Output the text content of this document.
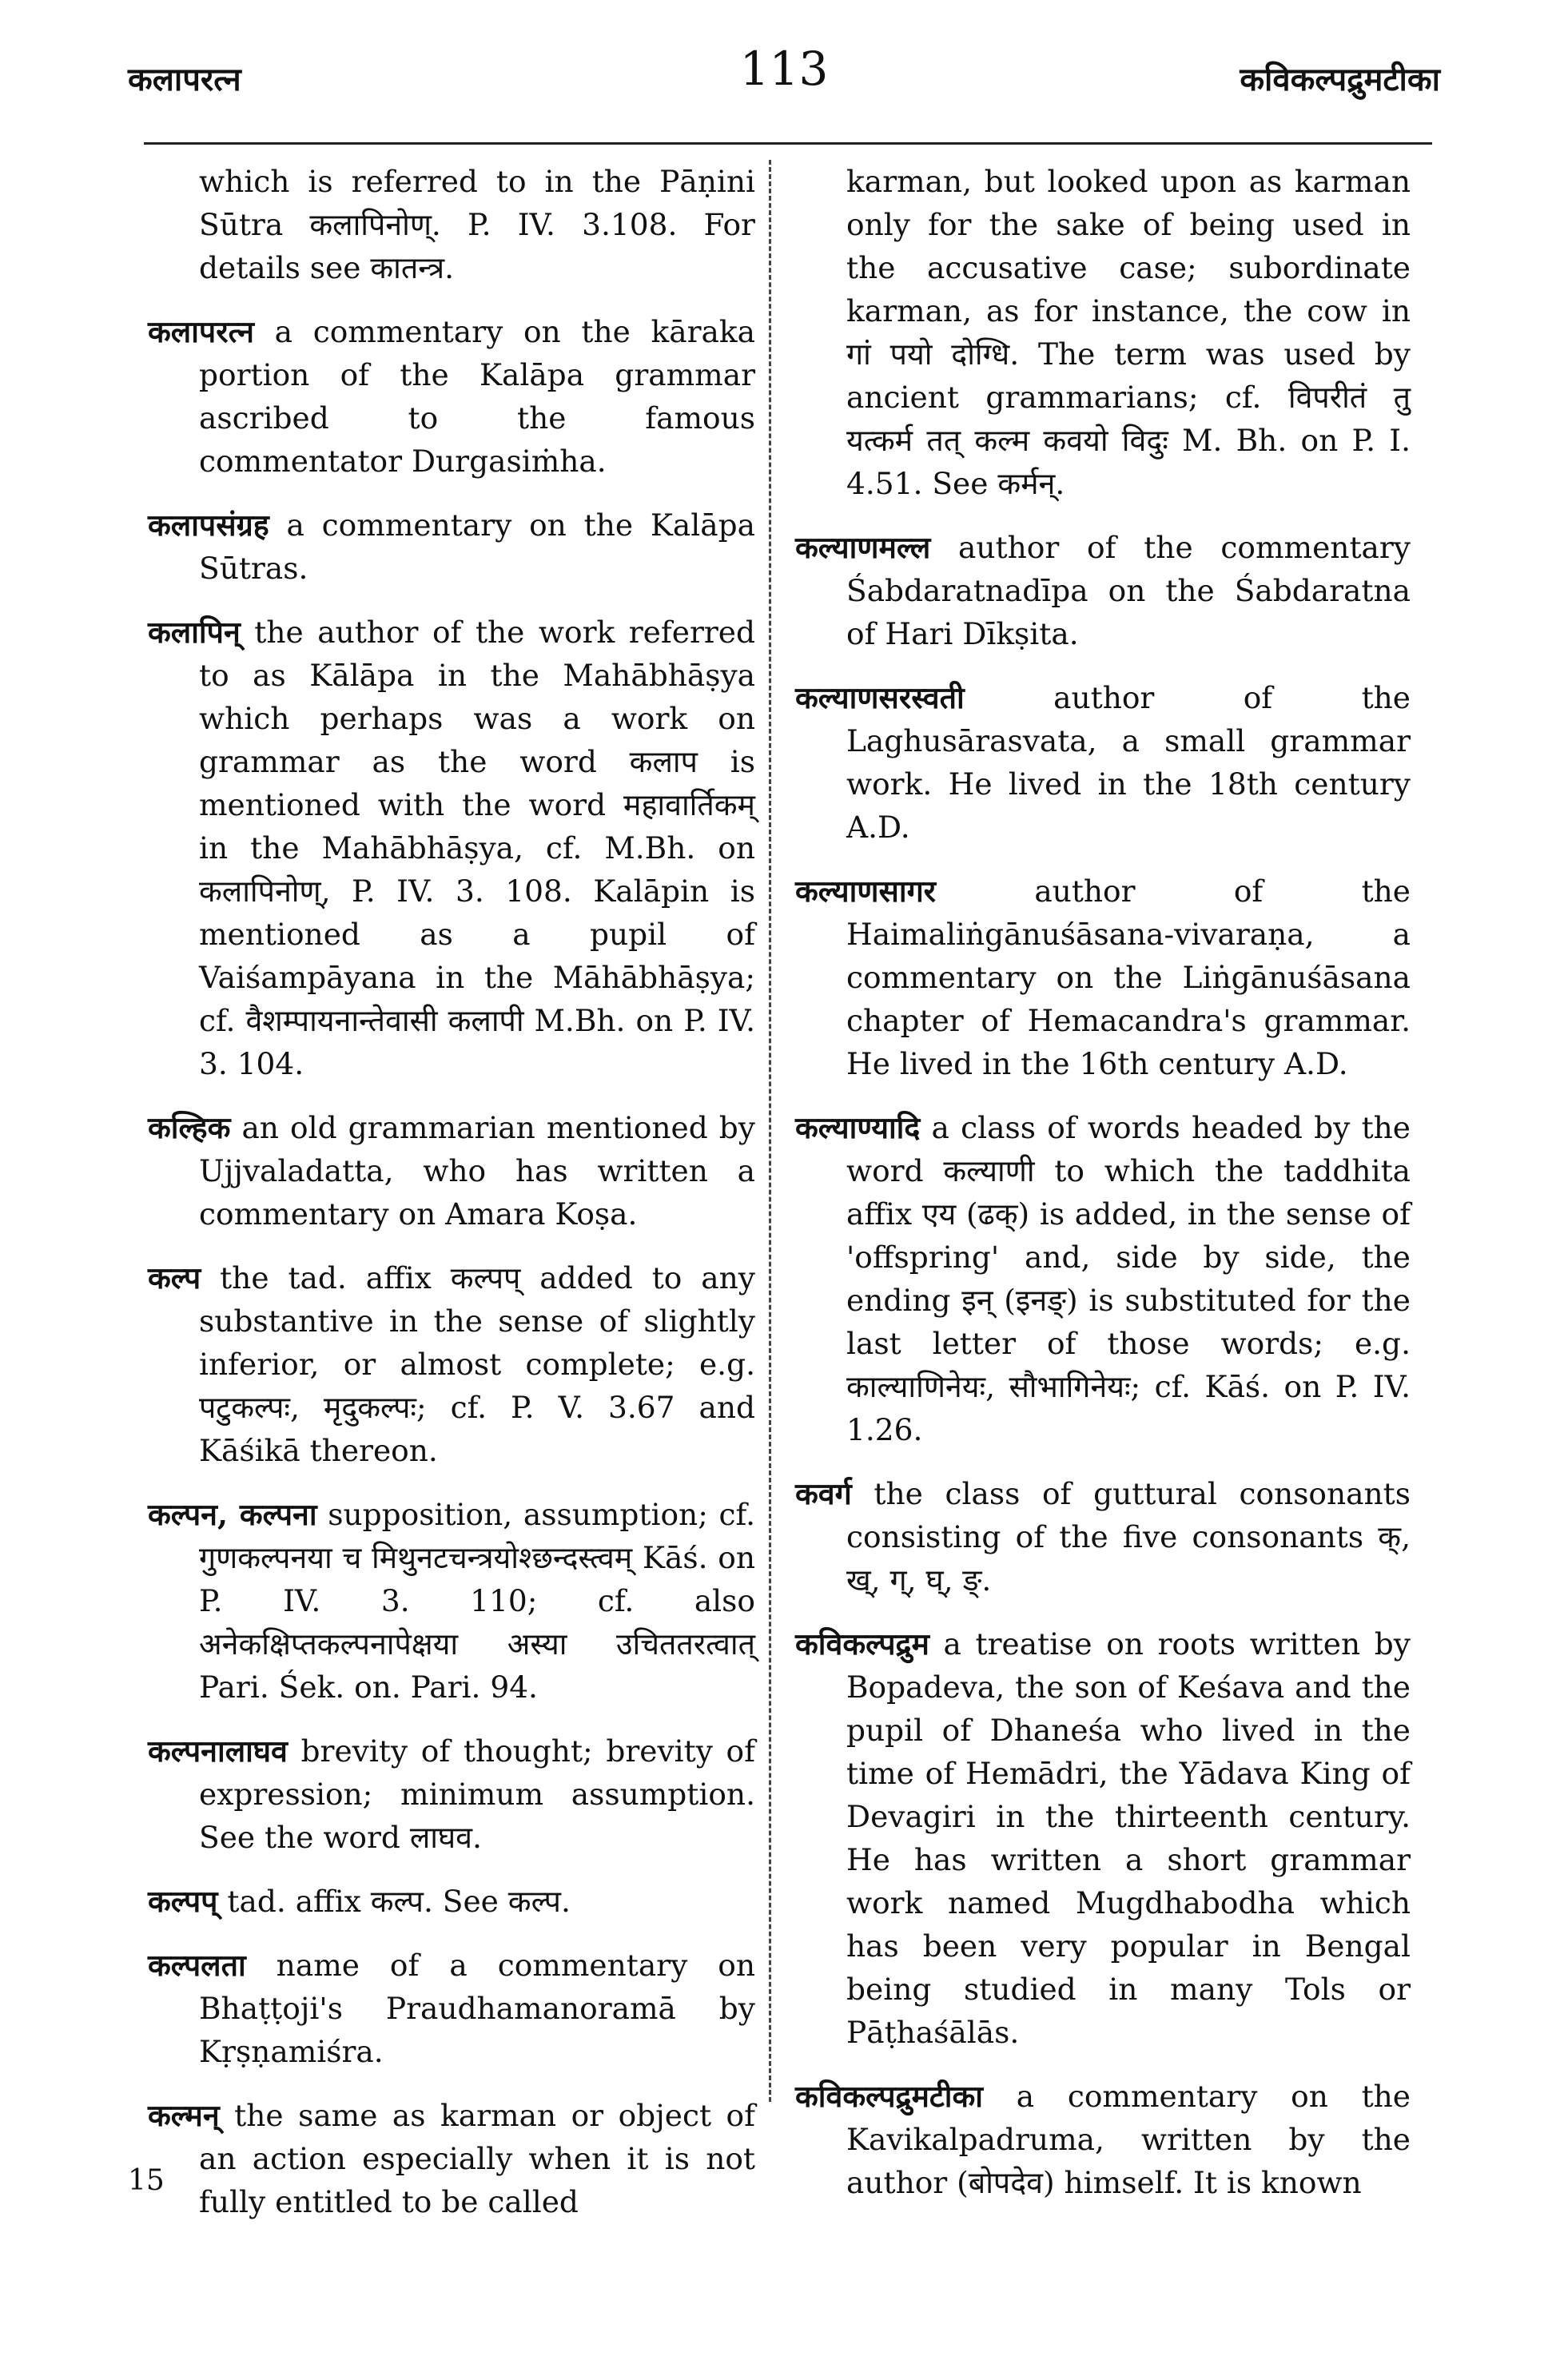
कलापरत्न	113	कविकल्पद्रुमटीका

which is referred to in the Pāṇini Sūtra कलापिनोण्. P. IV. 3.108. For details see कातन्त्र.

कलापरत्न a commentary on the kāraka portion of the Kalāpa grammar ascribed to the famous commentator Durgasiṁha.

कलापसंग्रह a commentary on the Kalāpa Sūtras.

कलापिन् the author of the work referred to as Kālāpa in the Mahābhāṣya which perhaps was a work on grammar as the word कलाप is mentioned with the word महावार्तिकम् in the Mahābhāṣya, cf. M.Bh. on कलापिनोण्, P. IV. 3. 108. Kalāpin is mentioned as a pupil of Vaiśampāyana in the Māhābhāṣya; cf. वैशम्पायनान्तेवासी कलापी M.Bh. on P. IV. 3. 104.

कल्हिक an old grammarian mentioned by Ujjvaladatta, who has written a commentary on Amara Koṣa.

कल्प the tad. affix कल्पप् added to any substantive in the sense of slightly inferior, or almost complete; e.g. पटुकल्पः, मृदुकल्पः; cf. P. V. 3.67 and Kāśikā thereon.

कल्पन, कल्पना supposition, assumption; cf. गुणकल्पनया च मिथुनटचन्त्रयोश्छन्दस्त्वम् Kāś. on P. IV. 3. 110; cf. also अनेकक्षिप्तकल्पनापेक्षया अस्या उचिततरत्वात् Pari. Śek. on. Pari. 94.

कल्पनालाघव brevity of thought; brevity of expression; minimum assumption. See the word लाघव.

कल्पप् tad. affix कल्प. See कल्प.

कल्पलता name of a commentary on Bhaṭṭoji's Praudhamanoramā by Kṛṣṇamiśra.

कल्मन् the same as karman or object of an action especially when it is not fully entitled to be called

karman, but looked upon as karman only for the sake of being used in the accusative case; subordinate karman, as for instance, the cow in गां पयो दोग्धि. The term was used by ancient grammarians; cf. विपरीतं तु यत्कर्म तत् कल्म कवयो विदुः M. Bh. on P. I. 4.51. See कर्मन्.

कल्याणमल्ल author of the commentary Śabdaratnadīpa on the Śabdaratna of Hari Dīkṣita.

कल्याणसरस्वती author of the Laghusārasvata, a small grammar work. He lived in the 18th century A.D.

कल्याणसागर author of the Haimaliṅgānuśāsana-vivaraṇa, a commentary on the Liṅgānuśāsana chapter of Hemacandra's grammar. He lived in the 16th century A.D.

कल्याण्यादि a class of words headed by the word कल्याणी to which the taddhita affix एय (ढक्) is added, in the sense of 'offspring' and, side by side, the ending इन् (इनङ्) is substituted for the last letter of those words; e.g. काल्याणिनेयः, सौभागिनेयः; cf. Kāś. on P. IV. 1.26.

कवर्ग the class of guttural consonants consisting of the five consonants क्, ख्, ग्, घ्, ङ्.

कविकल्पद्रुम a treatise on roots written by Bopadeva, the son of Keśava and the pupil of Dhaneśa who lived in the time of Hemādri, the Yādava King of Devagiri in the thirteenth century. He has written a short grammar work named Mugdhabodha which has been very popular in Bengal being studied in many Tols or Pāṭhaśālās.

कविकल्पद्रुमटीका a commentary on the Kavikalpadruma, written by the author (बोपदेव) himself. It is known

15
